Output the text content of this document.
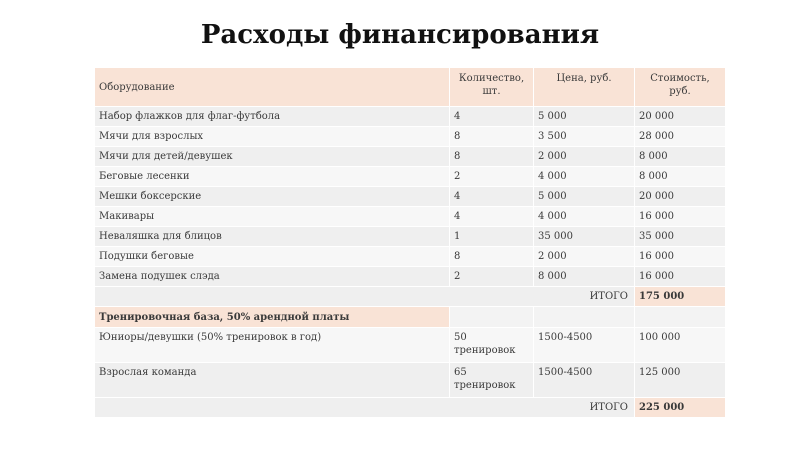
Расходы финансирования
Оборудование	Количество, шт.	Цена, руб.	Стоимость, руб.
Набор флажков для флаг-футбола	4	5 000	20 000
Мячи для взрослых	8	3 500	28 000
Мячи для детей/девушек	8	2 000	8 000
Беговые лесенки	2	4 000	8 000
Мешки боксерские	4	5 000	20 000
Макивары	4	4 000	16 000
Неваляшка для блицов	1	35 000	35 000
Подушки беговые	8	2 000	16 000
Замена подушек слэда	2	8 000	16 000
ИТОГО			175 000
Тренировочная база, 50% арендной платы			
Юниоры/девушки (50% тренировок в год)	50 тренировок	1500-4500	100 000
Взрослая команда	65 тренировок	1500-4500	125 000
ИТОГО			225 000
